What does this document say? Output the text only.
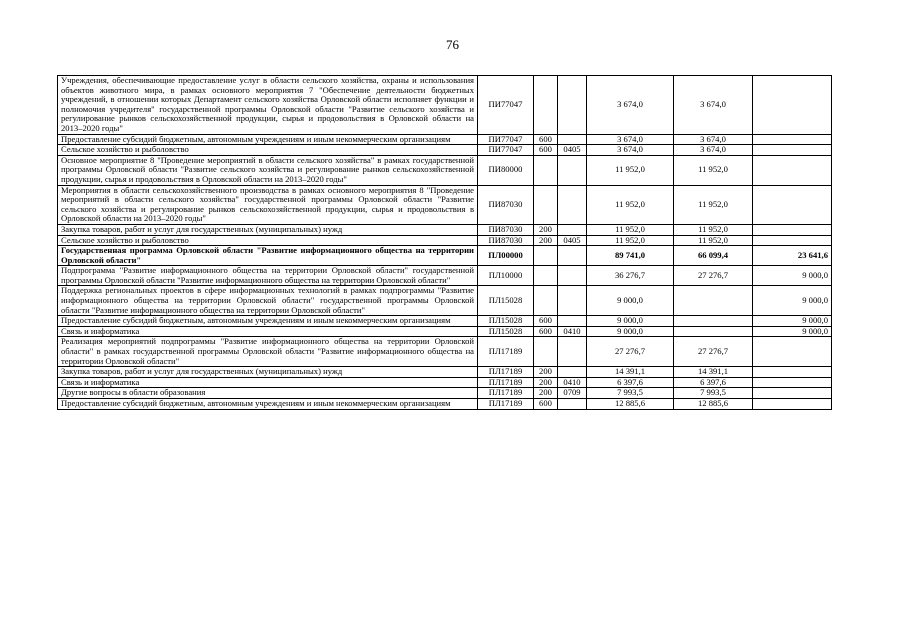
76
Учреждения, обеспечивающие предоставление услуг в области сельского хозяйства, охраны и использования объектов животного мира, в рамках основного мероприятия 7 "Обеспечение деятельности бюджетных учреждений, в отношении которых Департамент сельского хозяйства Орловской области исполняет функции и полномочия учредителя" государственной программы Орловской области "Развитие сельского хозяйства и регулирование рынков сельскохозяйственной продукции, сырья и продовольствия в Орловской области на 2013–2020 годы"	ПИ77047			3 674,0	3 674,0	
Предоставление субсидий бюджетным, автономным учреждениям и иным некоммерческим организациям	ПИ77047	600		3 674,0	3 674,0	
Сельское хозяйство и рыболовство	ПИ77047	600	0405	3 674,0	3 674,0	
Основное мероприятие 8 "Проведение мероприятий в области сельского хозяйства" в рамках государственной программы Орловской области "Развитие сельского хозяйства и регулирование рынков сельскохозяйственной продукции, сырья и продовольствия в Орловской области на 2013–2020 годы"	ПИ80000			11 952,0	11 952,0	
Мероприятия в области сельскохозяйственного производства в рамках основного мероприятия 8 "Проведение мероприятий в области сельского хозяйства" государственной программы Орловской области "Развитие сельского хозяйства и регулирование рынков сельскохозяйственной продукции, сырья и продовольствия в Орловской области на 2013–2020 годы"	ПИ87030			11 952,0	11 952,0	
Закупка товаров, работ и услуг для государственных (муниципальных) нужд	ПИ87030	200		11 952,0	11 952,0	
Сельское хозяйство и рыболовство	ПИ87030	200	0405	11 952,0	11 952,0	
Государственная программа Орловской области "Развитие информационного общества на территории Орловской области"	ПЛ00000			89 741,0	66 099,4	23 641,6
Подпрограмма "Развитие информационного общества на территории Орловской области" государственной программы Орловской области "Развитие информационного общества на территории Орловской области"	ПЛ10000			36 276,7	27 276,7	9 000,0
Поддержка региональных проектов в сфере информационных технологий в рамках подпрограммы "Развитие информационного общества на территории Орловской области" государственной программы Орловской области "Развитие информационного общества на территории Орловской области"	ПЛ15028			9 000,0		9 000,0
Предоставление субсидий бюджетным, автономным учреждениям и иным некоммерческим организациям	ПЛ15028	600		9 000,0		9 000,0
Связь и информатика	ПЛ15028	600	0410	9 000,0		9 000,0
Реализация мероприятий подпрограммы "Развитие информационного общества на территории Орловской области" в рамках государственной программы Орловской области "Развитие информационного общества на территории Орловской области"	ПЛ17189			27 276,7	27 276,7	
Закупка товаров, работ и услуг для государственных (муниципальных) нужд	ПЛ17189	200		14 391,1	14 391,1	
Связь и информатика	ПЛ17189	200	0410	6 397,6	6 397,6	
Другие вопросы в области образования	ПЛ17189	200	0709	7 993,5	7 993,5	
Предоставление субсидий бюджетным, автономным учреждениям и иным некоммерческим организациям	ПЛ17189	600		12 885,6	12 885,6	
